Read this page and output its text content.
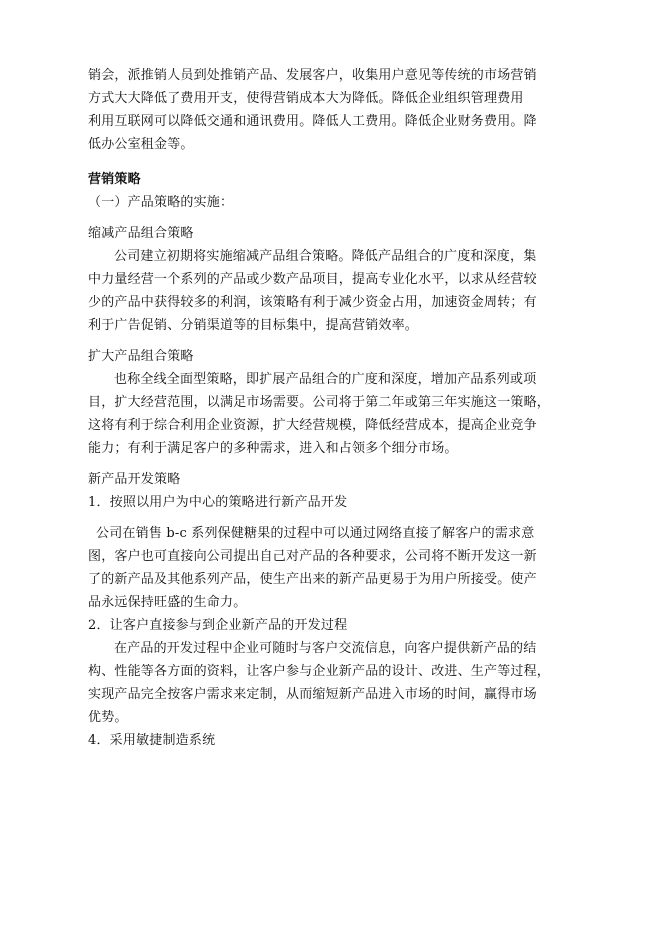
销会，派推销人员到处推销产品、发展客户，收集用户意见等传统的市场营销
方式大大降低了费用开支，使得营销成本大为降低。降低企业组织管理费用
利用互联网可以降低交通和通讯费用。降低人工费用。降低企业财务费用。降
低办公室租金等。
营销策略
（一）产品策略的实施：
缩减产品组合策略
公司建立初期将实施缩减产品组合策略。降低产品组合的广度和深度，集
中力量经营一个系列的产品或少数产品项目，提高专业化水平，以求从经营较
少的产品中获得较多的利润，该策略有利于减少资金占用，加速资金周转；有
利于广告促销、分销渠道等的目标集中，提高营销效率。
扩大产品组合策略
也称全线全面型策略，即扩展产品组合的广度和深度，增加产品系列或项
目，扩大经营范围，以满足市场需要。公司将于第二年或第三年实施这一策略，
这将有利于综合利用企业资源，扩大经营规模，降低经营成本，提高企业竞争
能力；有利于满足客户的多种需求，进入和占领多个细分市场。
新产品开发策略
1．按照以用户为中心的策略进行新产品开发
公司在销售 b-c 系列保健糖果的过程中可以通过网络直接了解客户的需求意
图，客户也可直接向公司提出自己对产品的各种要求，公司将不断开发这一新
了的新产品及其他系列产品，使生产出来的新产品更易于为用户所接受。使产
品永远保持旺盛的生命力。
2．让客户直接参与到企业新产品的开发过程
在产品的开发过程中企业可随时与客户交流信息，向客户提供新产品的结
构、性能等各方面的资料，让客户参与企业新产品的设计、改进、生产等过程，
实现产品完全按客户需求来定制，从而缩短新产品进入市场的时间，赢得市场
优势。
4．采用敏捷制造系统
